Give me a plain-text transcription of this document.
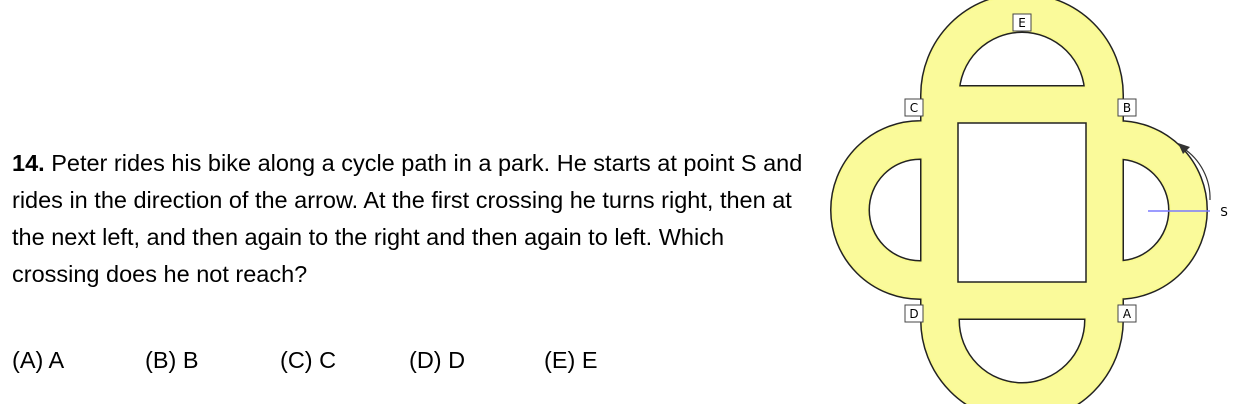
14. Peter rides his bike along a cycle path in a park. He starts at point S and rides in the direction of the arrow. At the first crossing he turns right, then at the next left, and then again to the right and then again to left. Which crossing does he not reach?
(A) A	(B) B	(C) C	(D) D	(E) E
E
B
C
D	A
S
